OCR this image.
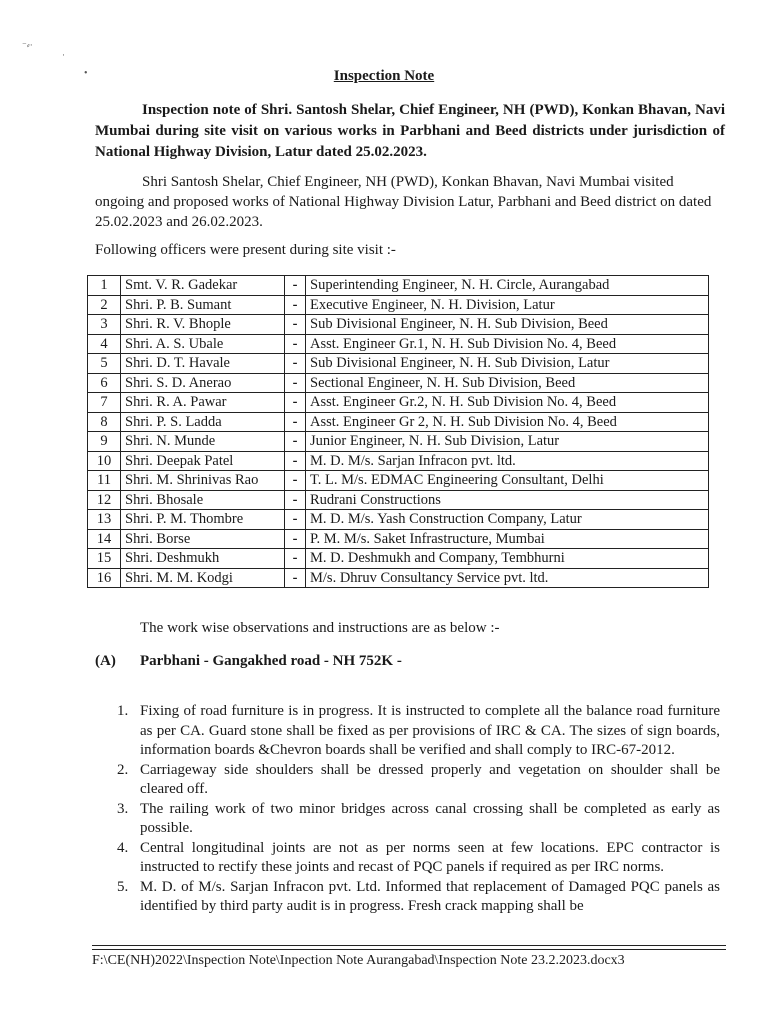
⁻⸗·
·
•	Inspection Note
Inspection note of Shri. Santosh Shelar, Chief Engineer, NH (PWD), Konkan Bhavan, Navi Mumbai during site visit on various works in Parbhani and Beed districts under jurisdiction of National Highway Division, Latur dated 25.02.2023.
Shri Santosh Shelar, Chief Engineer, NH (PWD), Konkan Bhavan, Navi Mumbai visited ongoing and proposed works of National Highway Division Latur, Parbhani and Beed district on dated 25.02.2023 and 26.02.2023.
Following officers were present during site visit :-
1	Smt. V. R. Gadekar	-	Superintending Engineer, N. H. Circle, Aurangabad
2	Shri. P. B. Sumant	-	Executive Engineer, N. H. Division, Latur
3	Shri. R. V. Bhople	-	Sub Divisional Engineer, N. H. Sub Division, Beed
4	Shri. A. S. Ubale	-	Asst. Engineer Gr.1, N. H. Sub Division No. 4, Beed
5	Shri. D. T. Havale	-	Sub Divisional Engineer, N. H. Sub Division, Latur
6	Shri. S. D. Anerao	-	Sectional Engineer, N. H. Sub Division, Beed
7	Shri. R. A. Pawar	-	Asst. Engineer Gr.2, N. H. Sub Division No. 4, Beed
8	Shri. P. S. Ladda	-	Asst. Engineer Gr 2, N. H. Sub Division No. 4, Beed
9	Shri. N. Munde	-	Junior Engineer, N. H. Sub Division, Latur
10	Shri. Deepak Patel	-	M. D. M/s. Sarjan Infracon pvt. ltd.
11	Shri. M. Shrinivas Rao	-	T. L. M/s. EDMAC Engineering Consultant, Delhi
12	Shri. Bhosale	-	Rudrani Constructions
13	Shri. P. M. Thombre	-	M. D. M/s. Yash Construction Company, Latur
14	Shri. Borse	-	P. M. M/s. Saket Infrastructure, Mumbai
15	Shri. Deshmukh	-	M. D. Deshmukh and Company, Tembhurni
16	Shri. M. M. Kodgi	-	M/s. Dhruv Consultancy Service pvt. ltd.
The work wise observations and instructions are as below :-
(A) Parbhani - Gangakhed road - NH 752K -
1. Fixing of road furniture is in progress. It is instructed to complete all the balance road furniture as per CA. Guard stone shall be fixed as per provisions of IRC & CA. The sizes of sign boards, information boards &Chevron boards shall be verified and shall comply to IRC-67-2012.
2. Carriageway side shoulders shall be dressed properly and vegetation on shoulder shall be cleared off.
3. The railing work of two minor bridges across canal crossing shall be completed as early as possible.
4. Central longitudinal joints are not as per norms seen at few locations. EPC contractor is instructed to rectify these joints and recast of PQC panels if required as per IRC norms.
5. M. D. of M/s. Sarjan Infracon pvt. Ltd. Informed that replacement of Damaged PQC panels as identified by third party audit is in progress. Fresh crack mapping shall be
F:\CE(NH)2022\Inspection Note\Inpection Note Aurangabad\Inspection Note 23.2.2023.docx3
